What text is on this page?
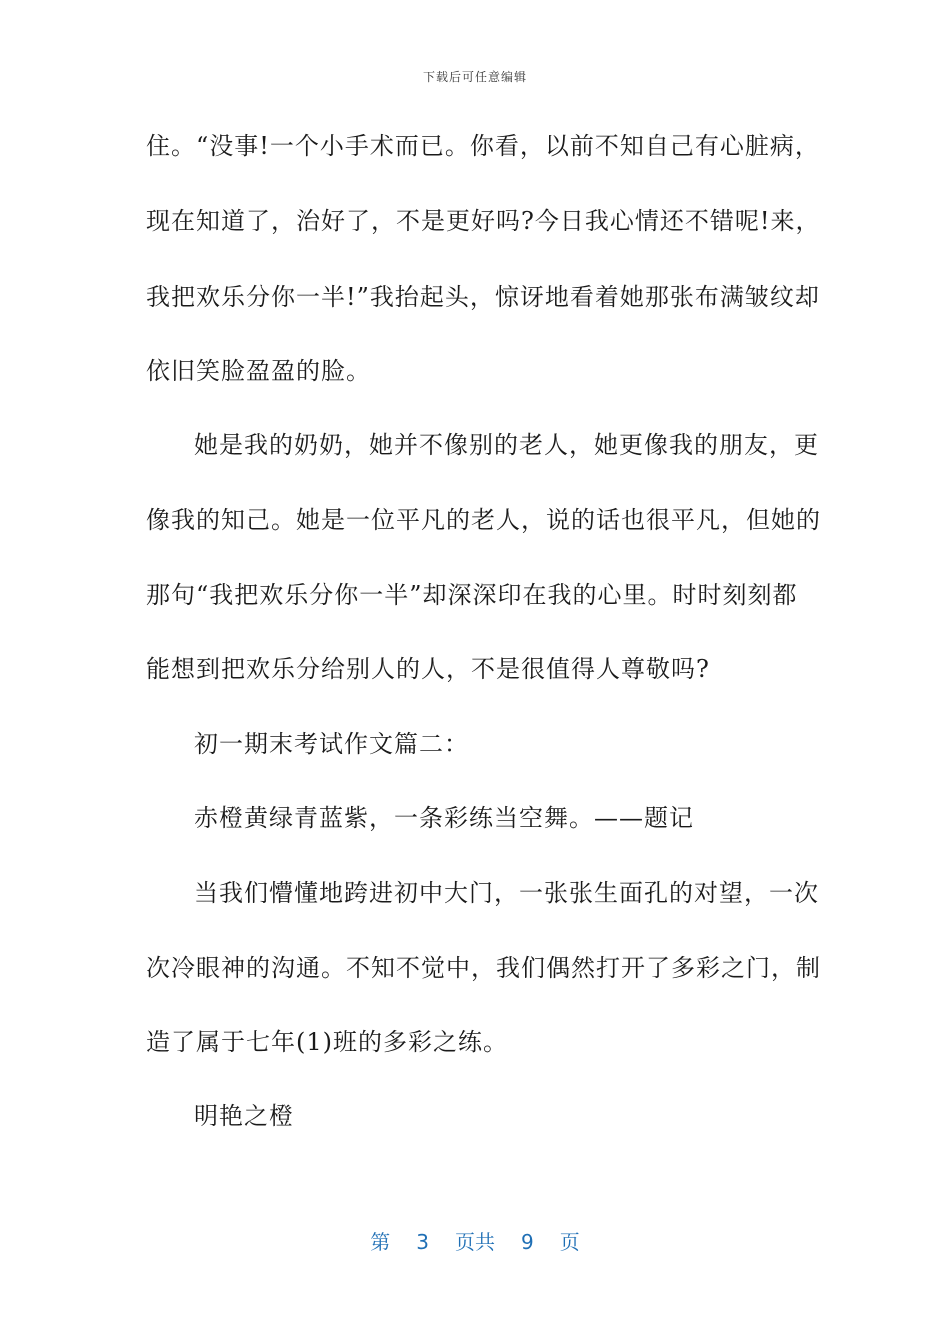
下载后可任意编辑
住。“没事!一个小手术而已。你看，以前不知自己有心脏病，
现在知道了，治好了，不是更好吗?今日我心情还不错呢!来，
我把欢乐分你一半!”我抬起头，惊讶地看着她那张布满皱纹却
依旧笑脸盈盈的脸。
她是我的奶奶，她并不像别的老人，她更像我的朋友，更
像我的知己。她是一位平凡的老人，说的话也很平凡，但她的
那句“我把欢乐分你一半”却深深印在我的心里。时时刻刻都
能想到把欢乐分给别人的人，不是很值得人尊敬吗?
初一期末考试作文篇二：
赤橙黄绿青蓝紫，一条彩练当空舞。——题记
当我们懵懂地跨进初中大门，一张张生面孔的对望，一次
次冷眼神的沟通。不知不觉中，我们偶然打开了多彩之门，制
造了属于七年(1)班的多彩之练。
明艳之橙
第 3 页共 9 页
